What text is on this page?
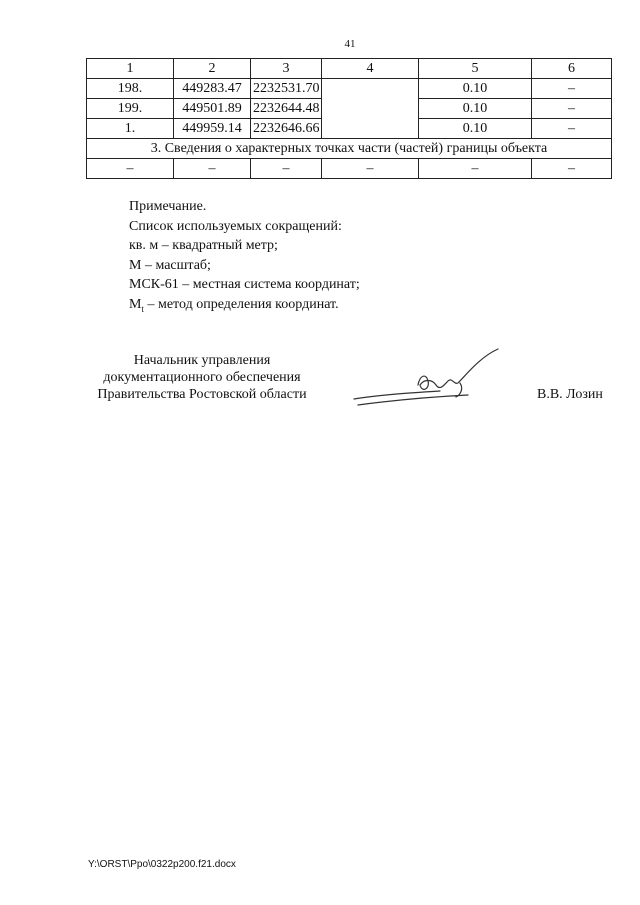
41
1	2	3	4	5	6
198.	449283.47	2232531.70		0.10	–
199.	449501.89	2232644.48		0.10	–
1.	449959.14	2232646.66		0.10	–
3. Сведения о характерных точках части (частей) границы объекта					
–	–	–	–	–	–
Примечание.
Список используемых сокращений:
кв. м – квадратный метр;
М – масштаб;
МСК-61 – местная система координат;
$М_t$ – метод определения координат.
Начальник управления
документационного обеспечения
Правительства Ростовской области	В.В. Лозин
Y:\ORST\Ppo\0322p200.f21.docx
